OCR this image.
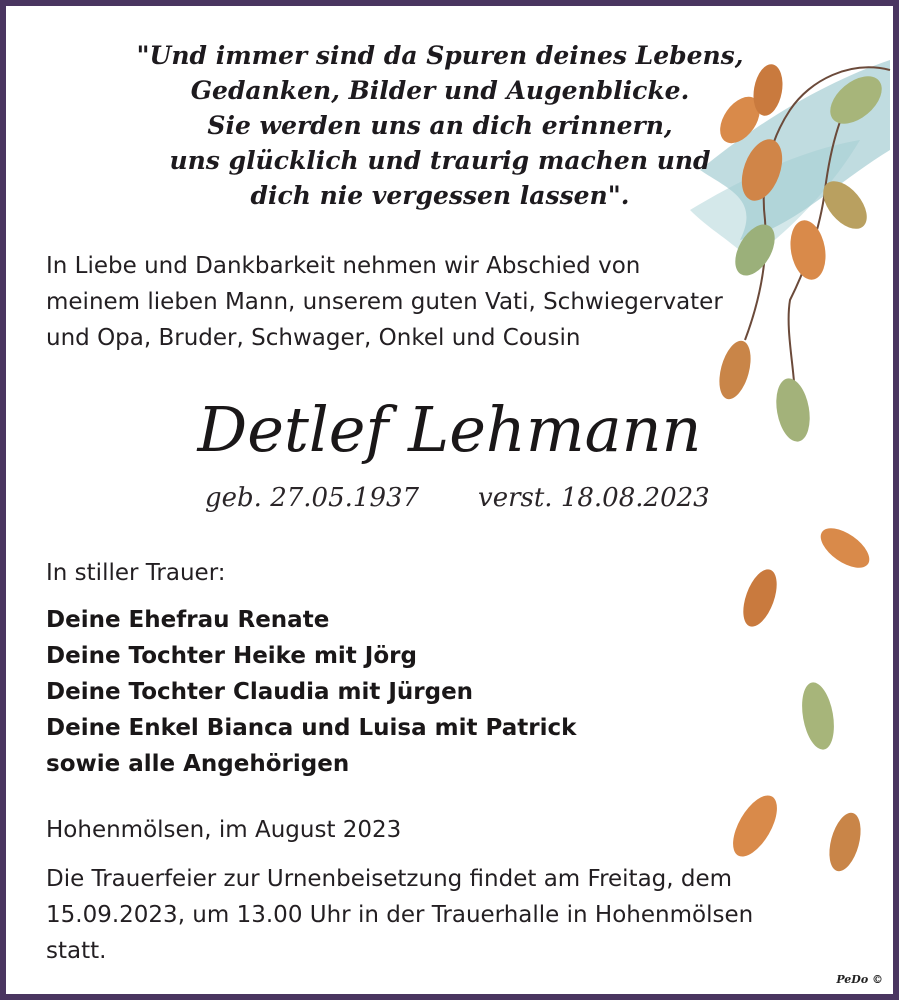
"Und immer sind da Spuren deines Lebens,
Gedanken, Bilder und Augenblicke.
Sie werden uns an dich erinnern,
uns glücklich und traurig machen und
dich nie vergessen lassen".
In Liebe und Dankbarkeit nehmen wir Abschied von
meinem lieben Mann, unserem guten Vati, Schwiegervater
und Opa, Bruder, Schwager, Onkel und Cousin
Detlef Lehmann
geb. 27.05.1937 verst. 18.08.2023
In stiller Trauer:
Deine Ehefrau Renate
Deine Tochter Heike mit Jörg
Deine Tochter Claudia mit Jürgen
Deine Enkel Bianca und Luisa mit Patrick
sowie alle Angehörigen
Hohenmölsen, im August 2023
Die Trauerfeier zur Urnenbeisetzung findet am Freitag, dem
15.09.2023, um 13.00 Uhr in der Trauerhalle in Hohenmölsen
statt.
PeDo ©
